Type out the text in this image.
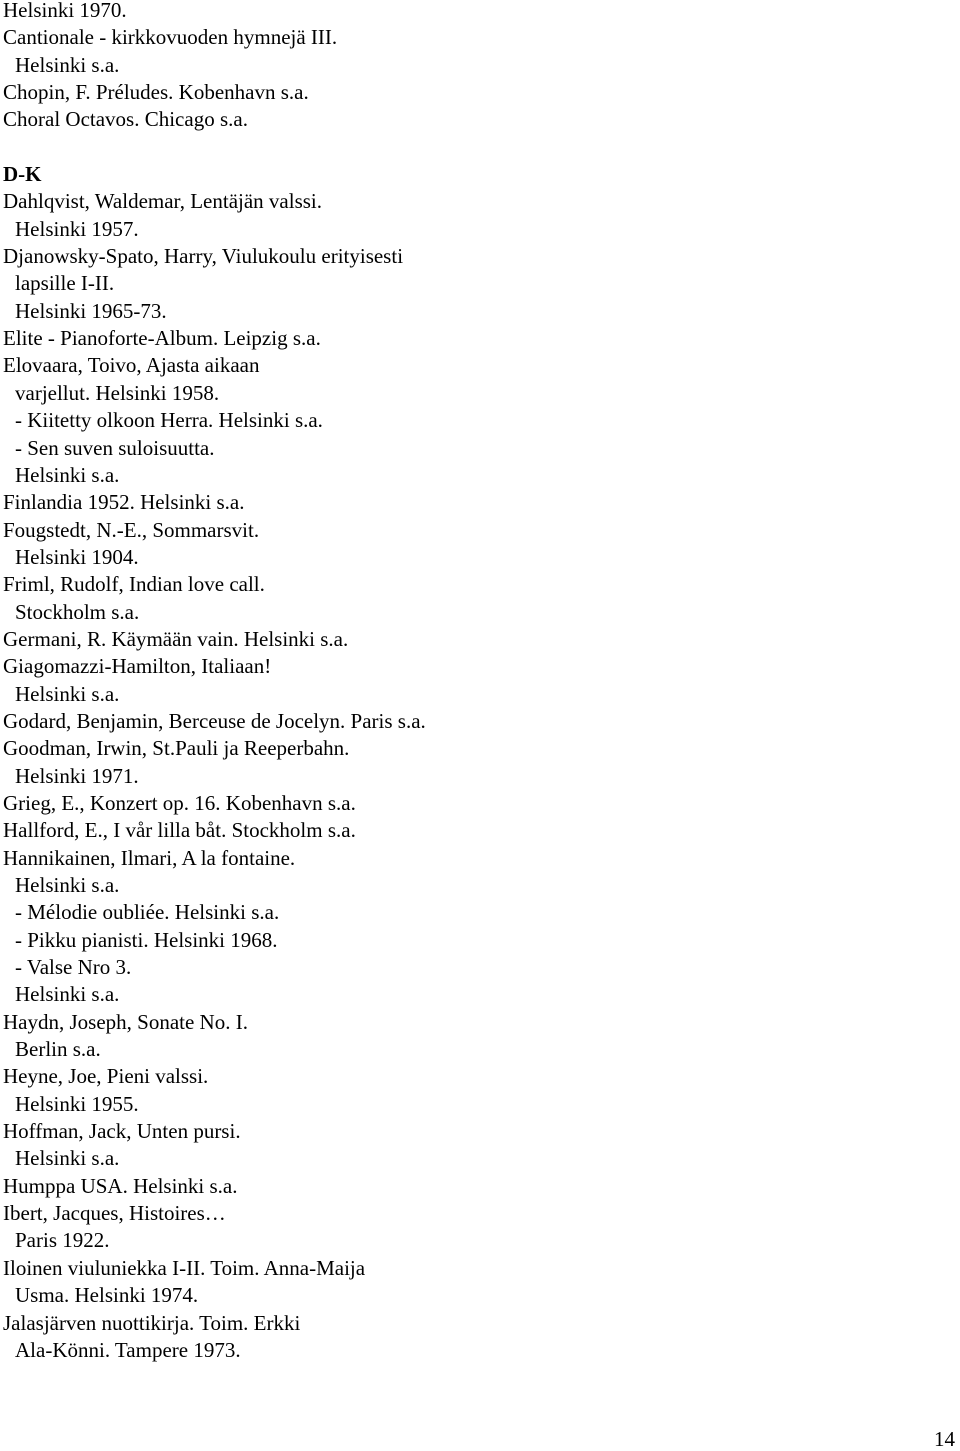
Helsinki 1970.
Cantionale - kirkkovuoden hymnejä III.
Helsinki s.a.
Chopin, F. Préludes. Kobenhavn s.a.
Choral Octavos. Chicago s.a.
D-K
Dahlqvist, Waldemar, Lentäjän valssi.
Helsinki 1957.
Djanowsky-Spato, Harry, Viulukoulu erityisesti
lapsille I-II.
Helsinki 1965-73.
Elite - Pianoforte-Album. Leipzig s.a.
Elovaara, Toivo, Ajasta aikaan
varjellut. Helsinki 1958.
- Kiitetty olkoon Herra. Helsinki s.a.
- Sen suven suloisuutta.
Helsinki s.a.
Finlandia 1952. Helsinki s.a.
Fougstedt, N.-E., Sommarsvit.
Helsinki 1904.
Friml, Rudolf, Indian love call.
Stockholm s.a.
Germani, R. Käymään vain. Helsinki s.a.
Giagomazzi-Hamilton, Italiaan!
Helsinki s.a.
Godard, Benjamin, Berceuse de Jocelyn. Paris s.a.
Goodman, Irwin, St.Pauli ja Reeperbahn.
Helsinki 1971.
Grieg, E., Konzert op. 16. Kobenhavn s.a.
Hallford, E., I vår lilla båt. Stockholm s.a.
Hannikainen, Ilmari, A la fontaine.
Helsinki s.a.
- Mélodie oubliée. Helsinki s.a.
- Pikku pianisti. Helsinki 1968.
- Valse Nro 3.
Helsinki s.a.
Haydn, Joseph, Sonate No. I.
Berlin s.a.
Heyne, Joe, Pieni valssi.
Helsinki 1955.
Hoffman, Jack, Unten pursi.
Helsinki s.a.
Humppa USA. Helsinki s.a.
Ibert, Jacques, Histoires…
Paris 1922.
Iloinen viuluniekka I-II. Toim. Anna-Maija
Usma. Helsinki 1974.
Jalasjärven nuottikirja. Toim. Erkki
Ala-Könni. Tampere 1973.
14
